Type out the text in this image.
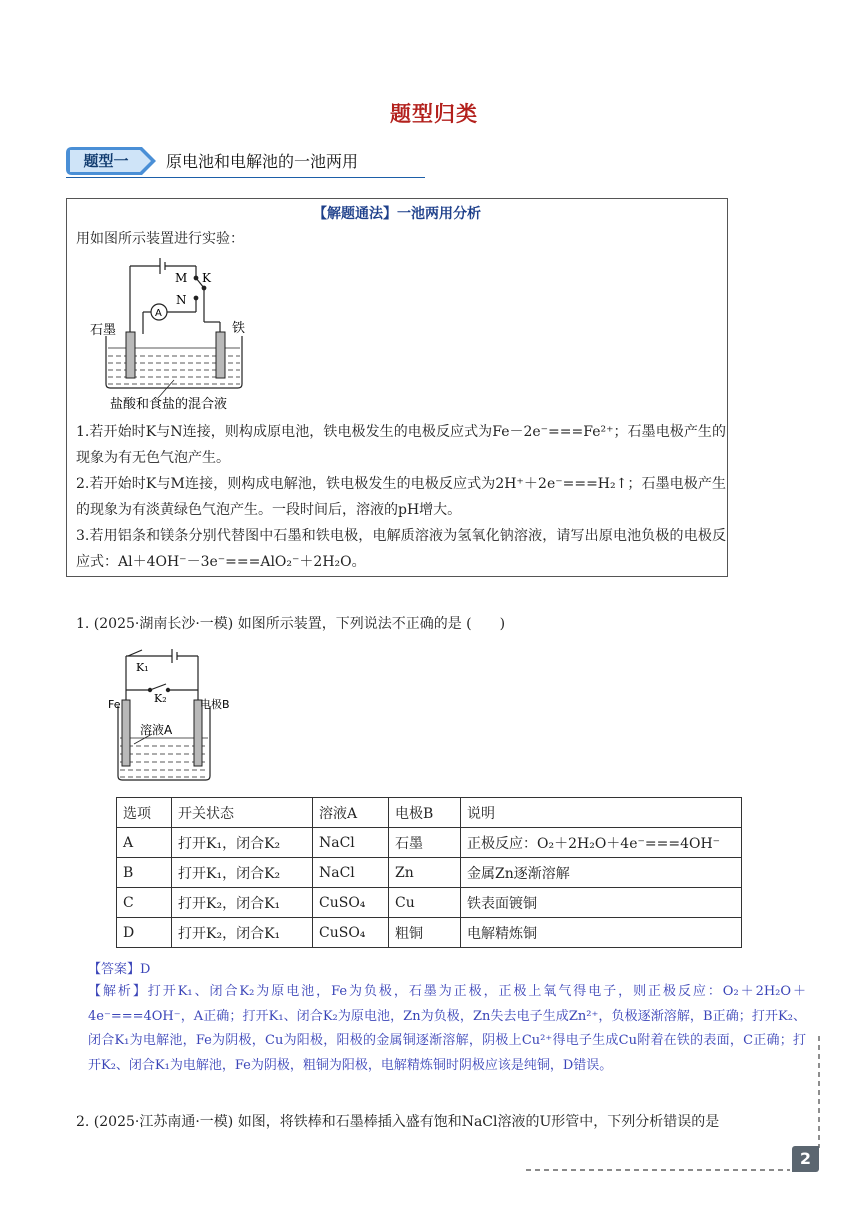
题型归类
题型一	原电池和电解池的一池两用
【解题通法】一池两用分析
用如图所示装置进行实验：
M K
N
A
石墨	铁
盐酸和食盐的混合液
1.若开始时K与N连接，则构成原电池，铁电极发生的电极反应式为Fe－2e⁻===Fe²⁺；石墨电极产生的现象为有无色气泡产生。
2.若开始时K与M连接，则构成电解池，铁电极发生的电极反应式为2H⁺＋2e⁻===H₂↑；石墨电极产生的现象为有淡黄绿色气泡产生。一段时间后，溶液的pH增大。
3.若用铝条和镁条分别代替图中石墨和铁电极，电解质溶液为氢氧化钠溶液，请写出原电池负极的电极反应式：Al＋4OH⁻－3e⁻===AlO₂⁻＋2H₂O。
1. (2025·湖南长沙·一模) 如图所示装置，下列说法不正确的是 (　　)
Fe	电极B
K₁
K₂
溶液A
选项	开关状态	溶液A	电极B	说明
A	打开K₁，闭合K₂	NaCl	石墨	正极反应：O₂＋2H₂O＋4e⁻===4OH⁻
B	打开K₁，闭合K₂	NaCl	Zn	金属Zn逐渐溶解
C	打开K₂，闭合K₁	CuSO₄	Cu	铁表面镀铜
D	打开K₂，闭合K₁	CuSO₄	粗铜	电解精炼铜
【答案】D
【解析】打开K₁、闭合K₂为原电池，Fe为负极，石墨为正极，正极上氧气得电子，则正极反应：O₂＋2H₂O＋4e⁻===4OH⁻，A正确；打开K₁、闭合K₂为原电池，Zn为负极，Zn失去电子生成Zn²⁺，负极逐渐溶解，B正确；打开K₂、闭合K₁为电解池，Fe为阴极，Cu为阳极，阳极的金属铜逐渐溶解，阴极上Cu²⁺得电子生成Cu附着在铁的表面，C正确；打开K₂、闭合K₁为电解池，Fe为阴极，粗铜为阳极，电解精炼铜时阴极应该是纯铜，D错误。
2. (2025·江苏南通·一模) 如图，将铁棒和石墨棒插入盛有饱和NaCl溶液的U形管中，下列分析错误的是
2
